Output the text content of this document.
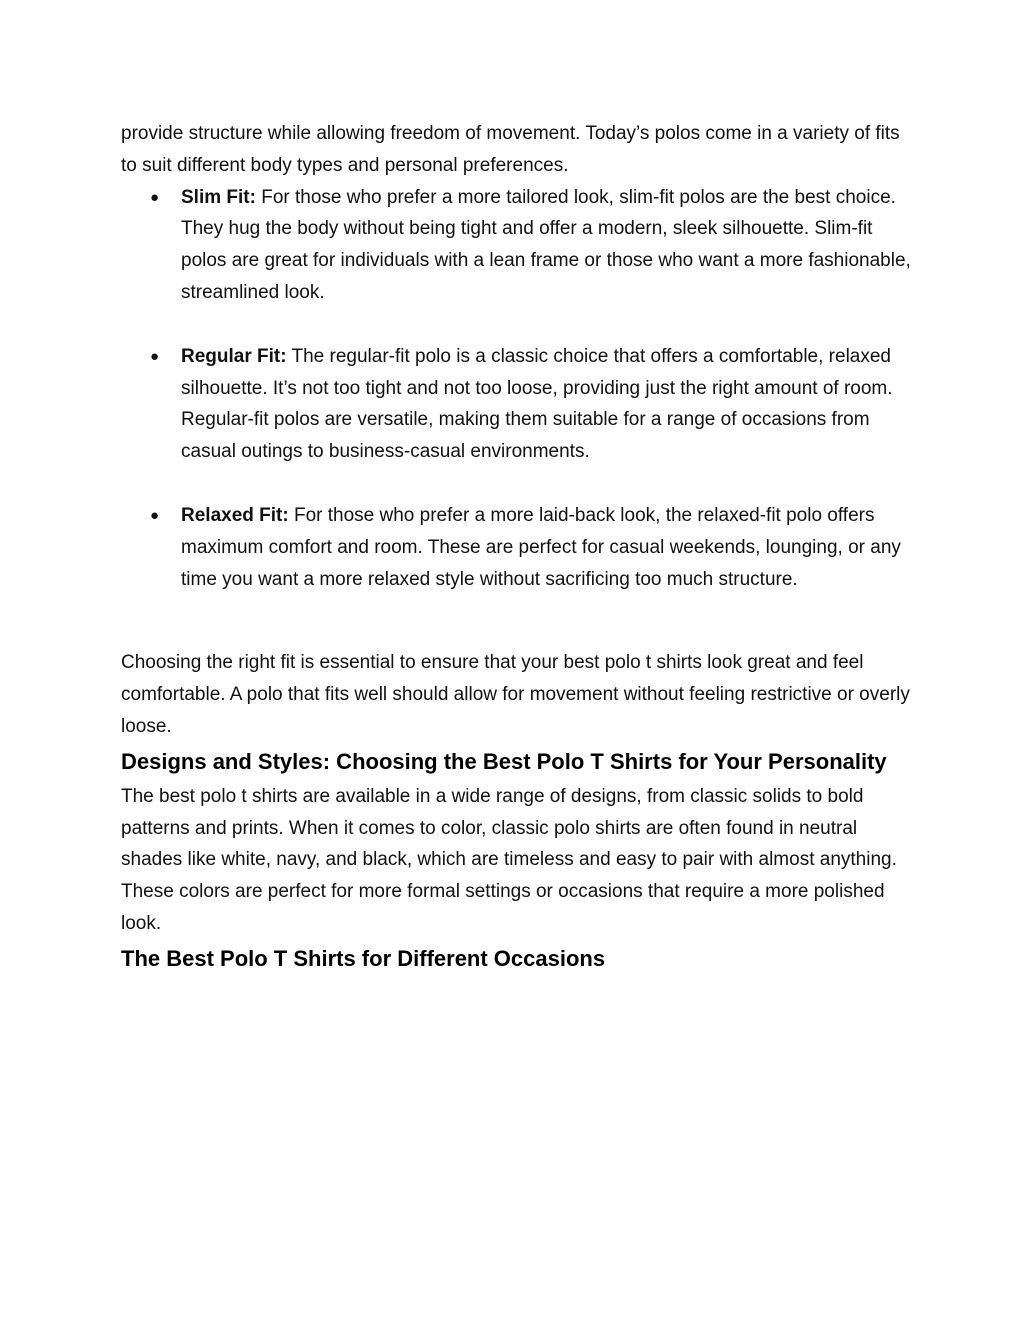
provide structure while allowing freedom of movement. Today’s polos come in a variety of fits to suit different body types and personal preferences.

● Slim Fit: For those who prefer a more tailored look, slim-fit polos are the best choice. They hug the body without being tight and offer a modern, sleek silhouette. Slim-fit polos are great for individuals with a lean frame or those who want a more fashionable, streamlined look.
● Regular Fit: The regular-fit polo is a classic choice that offers a comfortable, relaxed silhouette. It’s not too tight and not too loose, providing just the right amount of room. Regular-fit polos are versatile, making them suitable for a range of occasions from casual outings to business-casual environments.
● Relaxed Fit: For those who prefer a more laid-back look, the relaxed-fit polo offers maximum comfort and room. These are perfect for casual weekends, lounging, or any time you want a more relaxed style without sacrificing too much structure.

Choosing the right fit is essential to ensure that your best polo t shirts look great and feel comfortable. A polo that fits well should allow for movement without feeling restrictive or overly loose.

Designs and Styles: Choosing the Best Polo T Shirts for Your Personality

The best polo t shirts are available in a wide range of designs, from classic solids to bold patterns and prints. When it comes to color, classic polo shirts are often found in neutral shades like white, navy, and black, which are timeless and easy to pair with almost anything. These colors are perfect for more formal settings or occasions that require a more polished look.

The Best Polo T Shirts for Different Occasions
